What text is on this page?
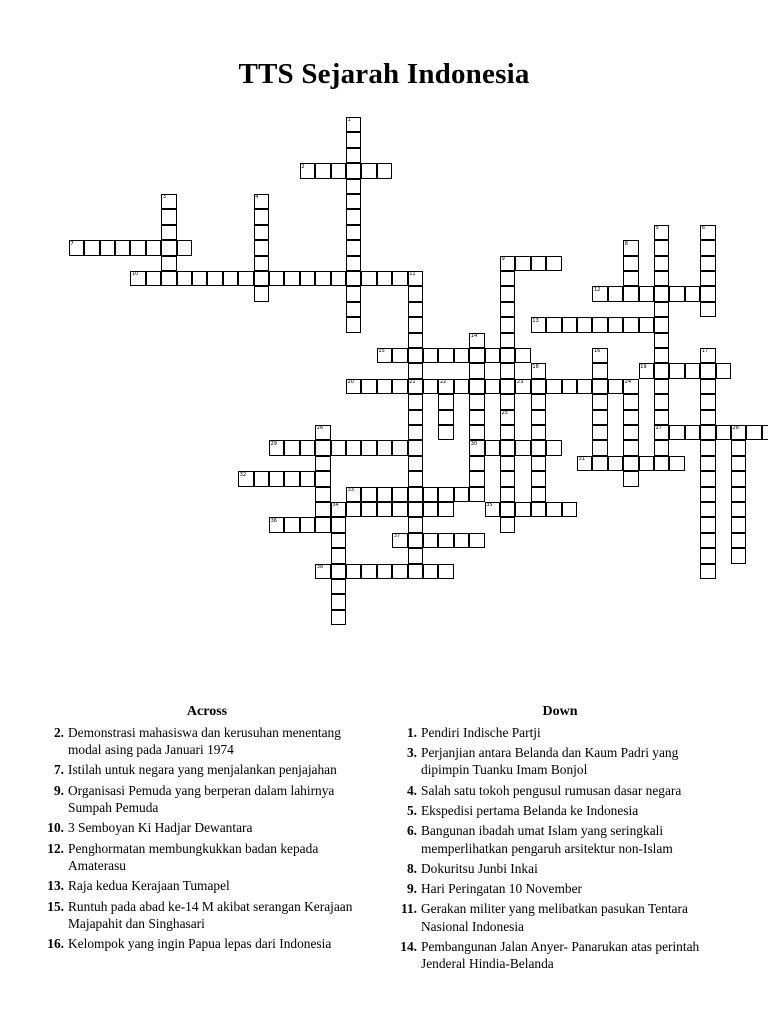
TTS Sejarah Indonesia
1
2
3	4
5	6
7	8
9
10	11
12
13
14
15	16	17
18	19
20	21	22	23	24
25
26	27	28
29	30
31
32
33
34	35
36
37
38
Across
2. Demonstrasi mahasiswa dan kerusuhan menentang modal asing pada Januari 1974
7. Istilah untuk negara yang menjalankan penjajahan
9. Organisasi Pemuda yang berperan dalam lahirnya Sumpah Pemuda
10. 3 Semboyan Ki Hadjar Dewantara
12. Penghormatan membungkukkan badan kepada Amaterasu
13. Raja kedua Kerajaan Tumapel
15. Runtuh pada abad ke-14 M akibat serangan Kerajaan Majapahit dan Singhasari
16. Kelompok yang ingin Papua lepas dari Indonesia
Down
1. Pendiri Indische Partji
3. Perjanjian antara Belanda dan Kaum Padri yang dipimpin Tuanku Imam Bonjol
4. Salah satu tokoh pengusul rumusan dasar negara
5. Ekspedisi pertama Belanda ke Indonesia
6. Bangunan ibadah umat Islam yang seringkali memperlihatkan pengaruh arsitektur non-Islam
8. Dokuritsu Junbi Inkai
9. Hari Peringatan 10 November
11. Gerakan militer yang melibatkan pasukan Tentara Nasional Indonesia
14. Pembangunan Jalan Anyer- Panarukan atas perintah Jenderal Hindia-Belanda
